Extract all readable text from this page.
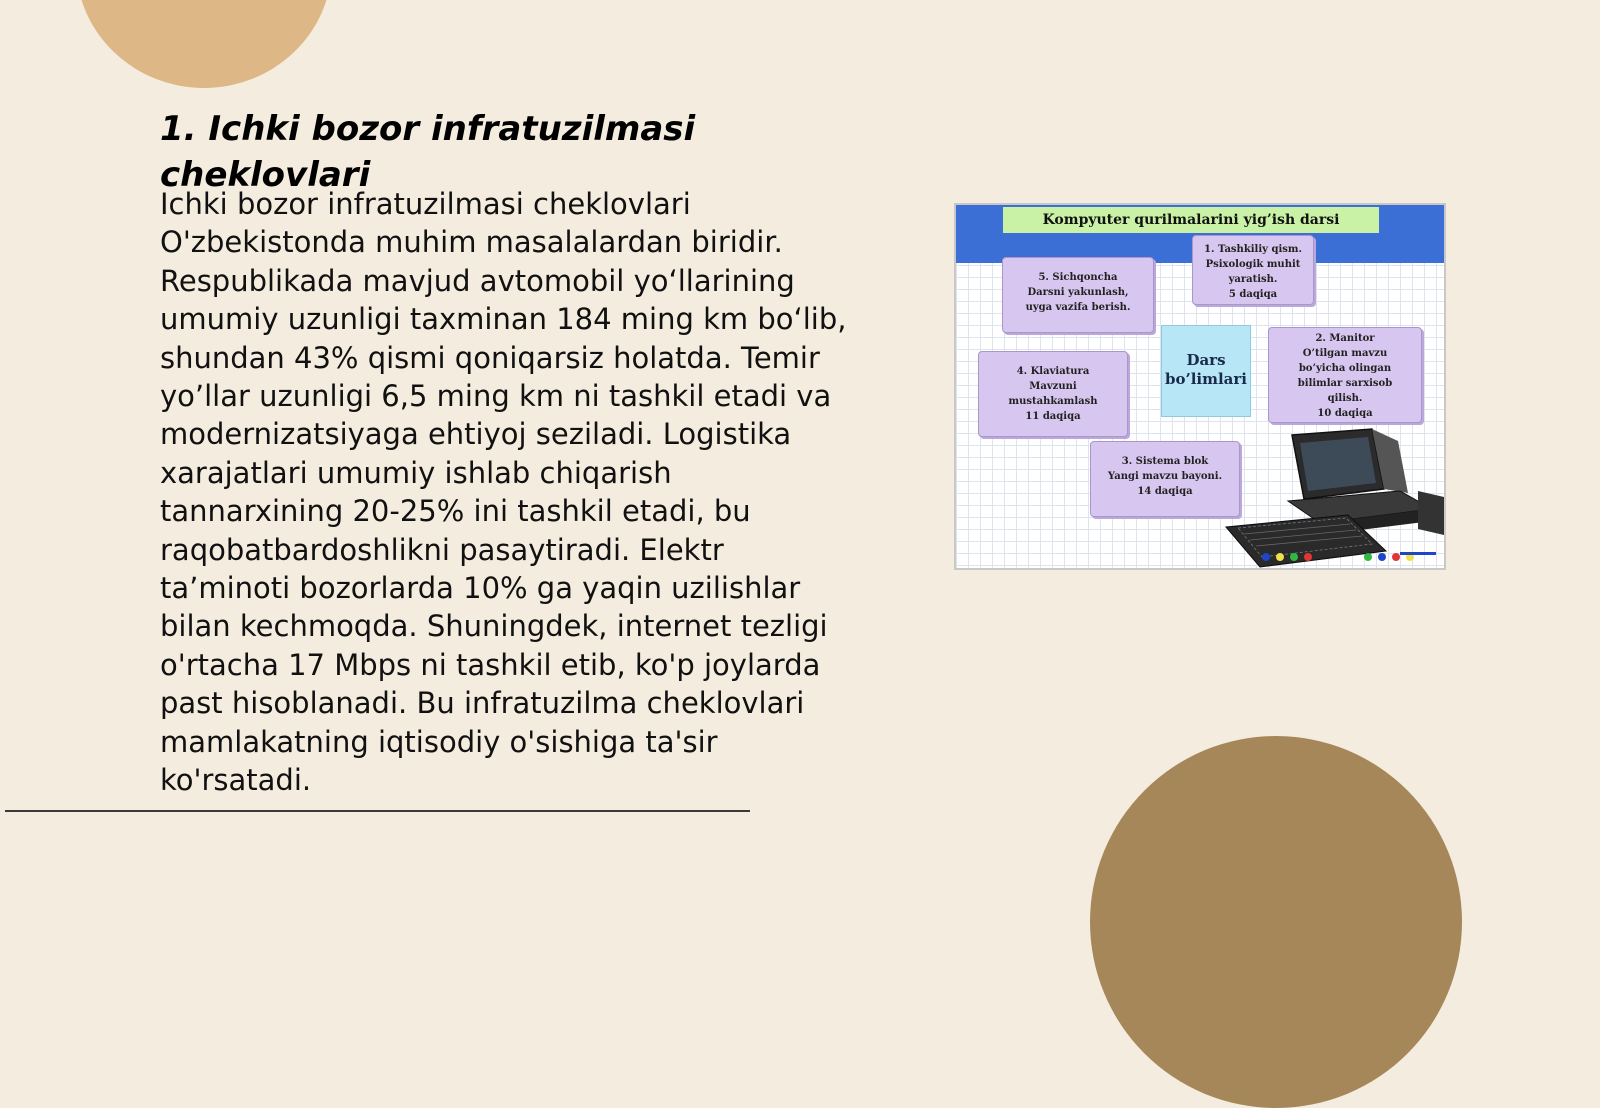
1. Ichki bozor infratuzilmasi cheklovlari

Ichki bozor infratuzilmasi cheklovlari O'zbekistonda muhim masalalardan biridir. Respublikada mavjud avtomobil yo‘llarining umumiy uzunligi taxminan 184 ming km bo‘lib, shundan 43% qismi qoniqarsiz holatda. Temir yo’llar uzunligi 6,5 ming km ni tashkil etadi va modernizatsiyaga ehtiyoj seziladi. Logistika xarajatlari umumiy ishlab chiqarish tannarxining 20-25% ini tashkil etadi, bu raqobatbardoshlikni pasaytiradi. Elektr ta’minoti bozorlarda 10% ga yaqin uzilishlar bilan kechmoqda. Shuningdek, internet tezligi o'rtacha 17 Mbps ni tashkil etib, ko'p joylarda past hisoblanadi. Bu infratuzilma cheklovlari mamlakatning iqtisodiy o'sishiga ta'sir ko'rsatadi.

Kompyuter qurilmalarini yig’ish darsi
1. Tashkiliy qism.
Psixologik muhit
yaratish.
5 daqiqa
5. Sichqoncha
Darsni yakunlash,
uyga vazifa berish.
Dars
bo’limlari
4. Klaviatura
Mavzuni
mustahkamlash
11 daqiqa
2. Manitor
O’tilgan mavzu
bo’yicha olingan
bilimlar sarxisob
qilish.
10 daqiqa
3. Sistema blok
Yangi mavzu bayoni.
14 daqiqa
